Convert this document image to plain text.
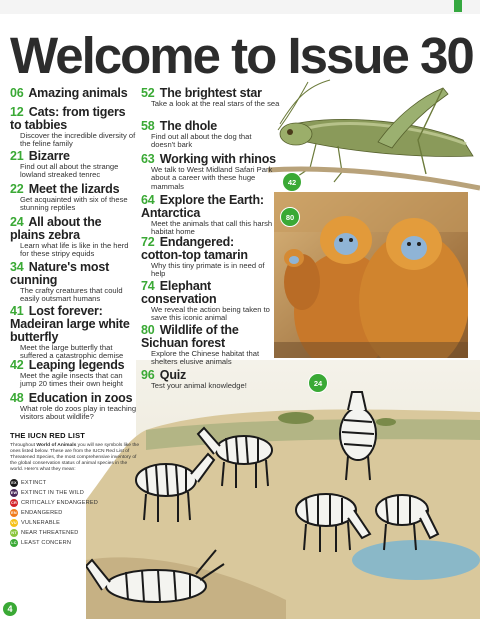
Welcome to Issue 30
42
80
24
06 Amazing animals
12 Cats: from tigers to tabbies
Discover the incredible diversity of the feline family
21 Bizarre
Find out all about the strange lowland streaked tenrec
22 Meet the lizards
Get acquainted with six of these stunning reptiles
24 All about the plains zebra
Learn what life is like in the herd for these stripy equids
34 Nature's most cunning
The crafty creatures that could easily outsmart humans
41 Lost forever: Madeiran large white butterfly
Meet the large butterfly that suffered a catastrophic demise
42 Leaping legends
Meet the agile insects that can jump 20 times their own height
48 Education in zoos
What role do zoos play in teaching visitors about wildlife?
52 The brightest star
Take a look at the real stars of the sea
58 The dhole
Find out all about the dog that doesn't bark
63 Working with rhinos
We talk to West Midland Safari Park about a career with these huge mammals
64 Explore the Earth: Antarctica
Meet the animals that call this harsh habitat home
72 Endangered: cotton-top tamarin
Why this tiny primate is in need of help
74 Elephant conservation
We reveal the action being taken to save this iconic animal
80 Wildlife of the Sichuan forest
Explore the Chinese habitat that shelters elusive animals
96 Quiz
Test your animal knowledge!
THE IUCN RED LIST
Throughout World of Animals you will see symbols like the ones listed below. These are from the IUCN Red List of Threatened Species, the most comprehensive inventory of the global conservation status of animal species in the world. Here's what they mean:
EX EXTINCT
EW EXTINCT IN THE WILD
CR CRITICALLY ENDANGERED
EN ENDANGERED
VU VULNERABLE
NT NEAR THREATENED
LC LEAST CONCERN
4
